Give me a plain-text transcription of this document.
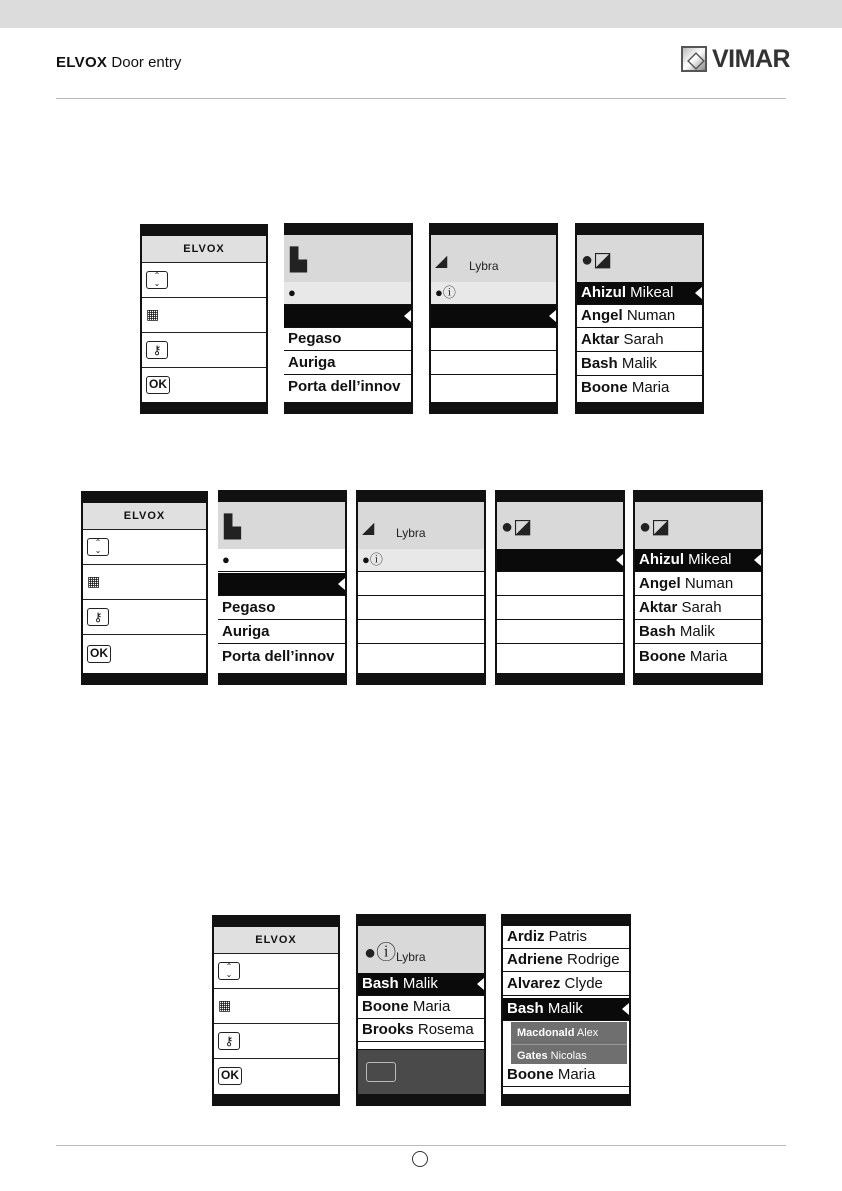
ELVOX Door entry	VIMAR
ELVOX
⌃
⌄
▦
⚷
OK
▙
●
Pegaso
Auriga
Porta dell’innov
◢ Lybra
●ⓘ
●◪
Ahizul Mikeal
Angel Numan
Aktar Sarah
Bash Malik
Boone Maria
ELVOX
⌃
⌄
▦
⚷
OK
▙
●
Pegaso
Auriga
Porta dell’innov
◢ Lybra
●ⓘ
●◪	●◪
Ahizul Mikeal
Angel Numan
Aktar Sarah
Bash Malik
Boone Maria
ELVOX
⌃
⌄
▦
⚷
OK
●ⓘ Lybra
Bash Malik
Boone Maria
Brooks Rosema
Ardiz Patris
Adriene Rodrige
Alvarez Clyde
Bash Malik
Macdonald Alex
Gates Nicolas
Boone Maria
